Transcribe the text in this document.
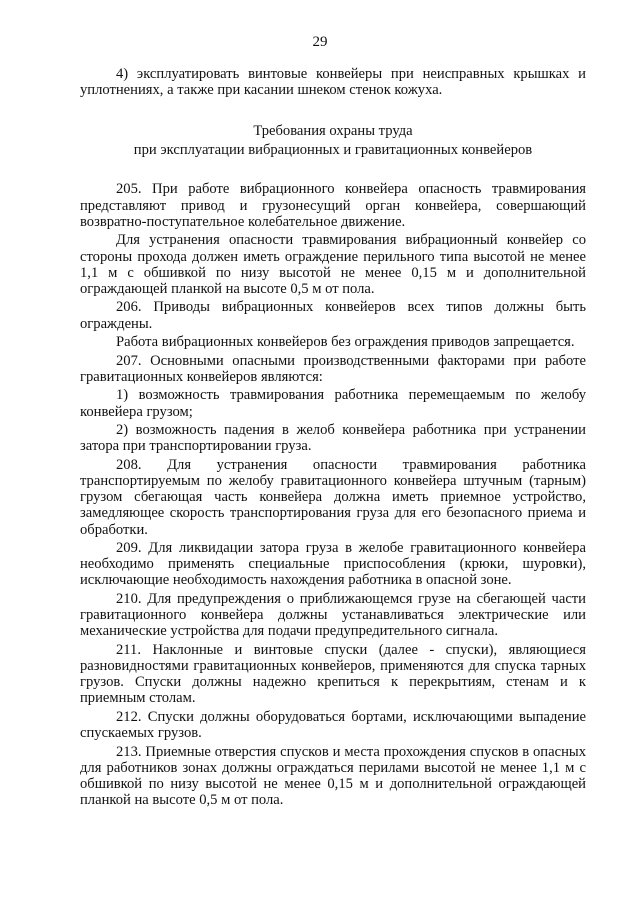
29

4) эксплуатировать винтовые конвейеры при неисправных крышках и уплотнениях, а также при касании шнеком стенок кожуха.

Требования охраны труда
при эксплуатации вибрационных и гравитационных конвейеров

205. При работе вибрационного конвейера опасность травмирования представляют привод и грузонесущий орган конвейера, совершающий возвратно-поступательное колебательное движение.

Для устранения опасности травмирования вибрационный конвейер со стороны прохода должен иметь ограждение перильного типа высотой не менее 1,1 м с обшивкой по низу высотой не менее 0,15 м и дополнительной ограждающей планкой на высоте 0,5 м от пола.

206. Приводы вибрационных конвейеров всех типов должны быть ограждены.

Работа вибрационных конвейеров без ограждения приводов запрещается.

207. Основными опасными производственными факторами при работе гравитационных конвейеров являются:

1) возможность травмирования работника перемещаемым по желобу конвейера грузом;

2) возможность падения в желоб конвейера работника при устранении затора при транспортировании груза.

208. Для устранения опасности травмирования работника транспортируемым по желобу гравитационного конвейера штучным (тарным) грузом сбегающая часть конвейера должна иметь приемное устройство, замедляющее скорость транспортирования груза для его безопасного приема и обработки.

209. Для ликвидации затора груза в желобе гравитационного конвейера необходимо применять специальные приспособления (крюки, шуровки), исключающие необходимость нахождения работника в опасной зоне.

210. Для предупреждения о приближающемся грузе на сбегающей части гравитационного конвейера должны устанавливаться электрические или механические устройства для подачи предупредительного сигнала.

211. Наклонные и винтовые спуски (далее - спуски), являющиеся разновидностями гравитационных конвейеров, применяются для спуска тарных грузов. Спуски должны надежно крепиться к перекрытиям, стенам и к приемным столам.

212. Спуски должны оборудоваться бортами, исключающими выпадение спускаемых грузов.

213. Приемные отверстия спусков и места прохождения спусков в опасных для работников зонах должны ограждаться перилами высотой не менее 1,1 м с обшивкой по низу высотой не менее 0,15 м и дополнительной ограждающей планкой на высоте 0,5 м от пола.
